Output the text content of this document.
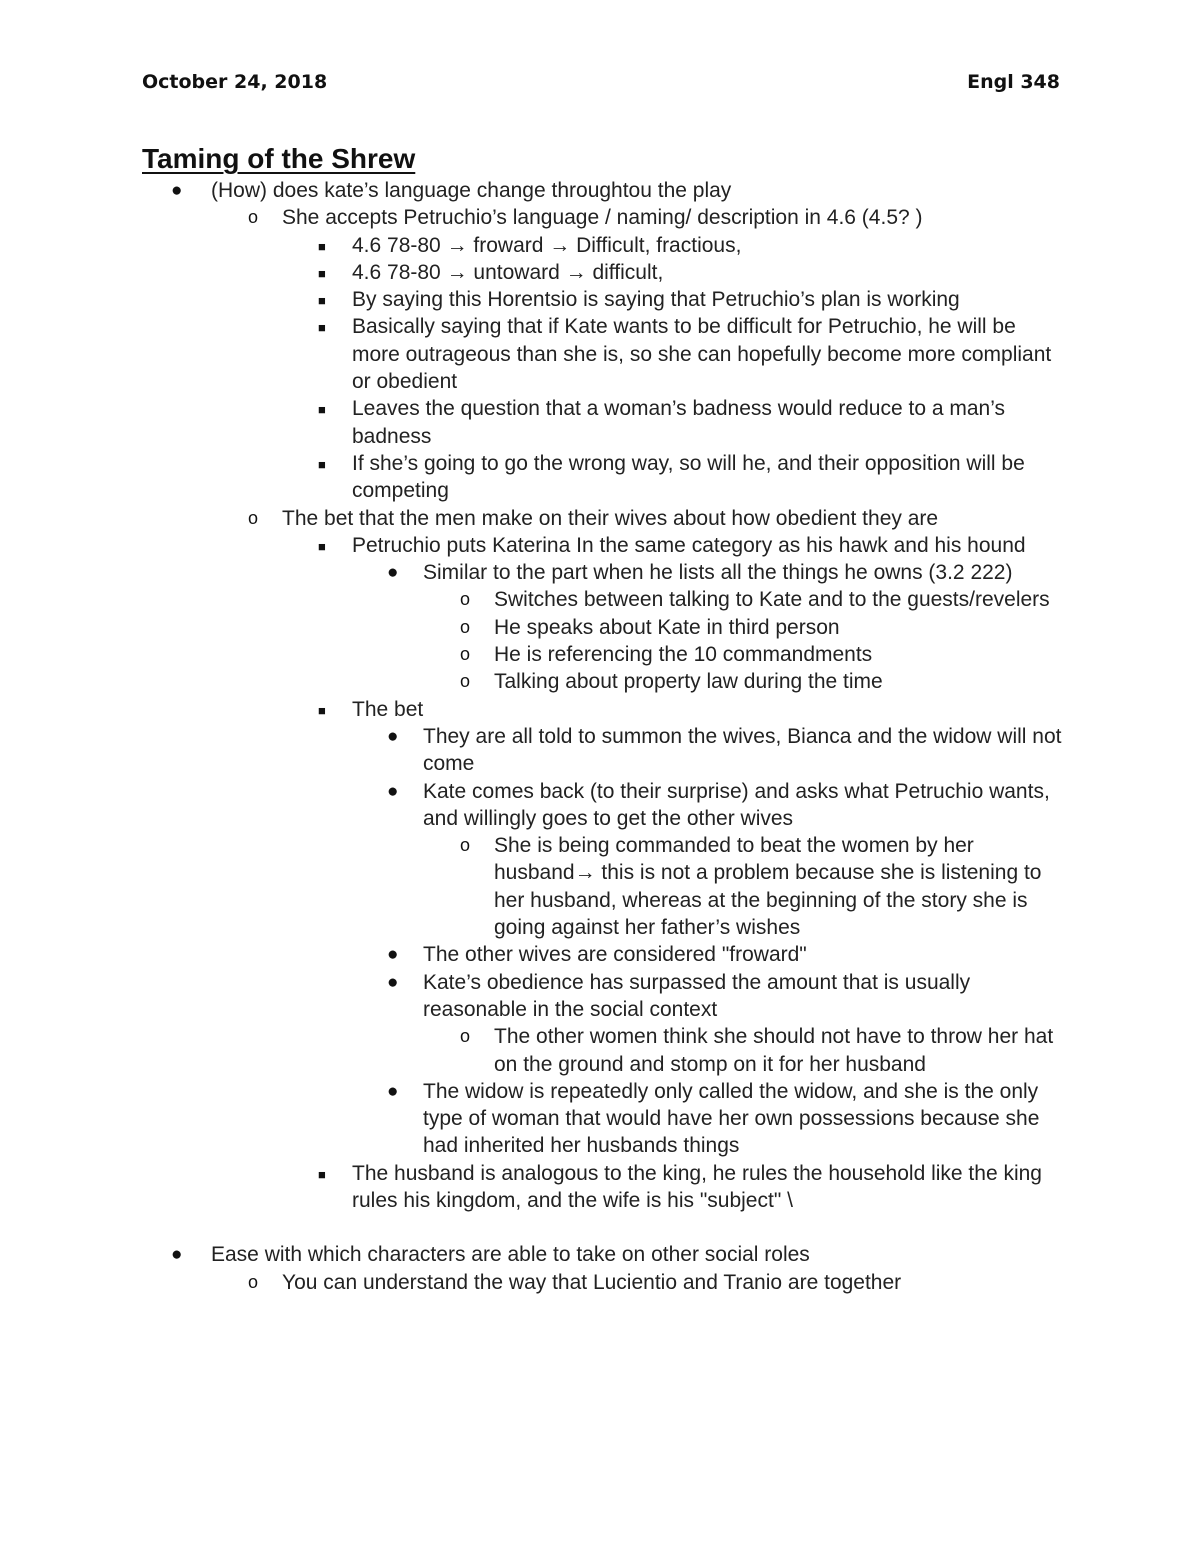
October 24, 2018	Engl 348
Taming of the Shrew
● (How) does kate’s language change throughtou the play
o She accepts Petruchio’s language / naming/ description in 4.6 (4.5? )
■ 4.6 78-80 → froward → Difficult, fractious,
■ 4.6 78-80 → untoward → difficult,
■ By saying this Horentsio is saying that Petruchio’s plan is working
■ Basically saying that if Kate wants to be difficult for Petruchio, he will be more outrageous than she is, so she can hopefully become more compliant or obedient
■ Leaves the question that a woman’s badness would reduce to a man’s badness
■ If she’s going to go the wrong way, so will he, and their opposition will be competing
o The bet that the men make on their wives about how obedient they are
■ Petruchio puts Katerina In the same category as his hawk and his hound
● Similar to the part when he lists all the things he owns (3.2 222)
o Switches between talking to Kate and to the guests/revelers
o He speaks about Kate in third person
o He is referencing the 10 commandments
o Talking about property law during the time
■ The bet
● They are all told to summon the wives, Bianca and the widow will not come
● Kate comes back (to their surprise) and asks what Petruchio wants, and willingly goes to get the other wives
o She is being commanded to beat the women by her husband→ this is not a problem because she is listening to her husband, whereas at the beginning of the story she is going against her father’s wishes
● The other wives are considered "froward"
● Kate’s obedience has surpassed the amount that is usually reasonable in the social context
o The other women think she should not have to throw her hat on the ground and stomp on it for her husband
● The widow is repeatedly only called the widow, and she is the only type of woman that would have her own possessions because she had inherited her husbands things
■ The husband is analogous to the king, he rules the household like the king rules his kingdom, and the wife is his "subject" \
● Ease with which characters are able to take on other social roles
o You can understand the way that Lucientio and Tranio are together
